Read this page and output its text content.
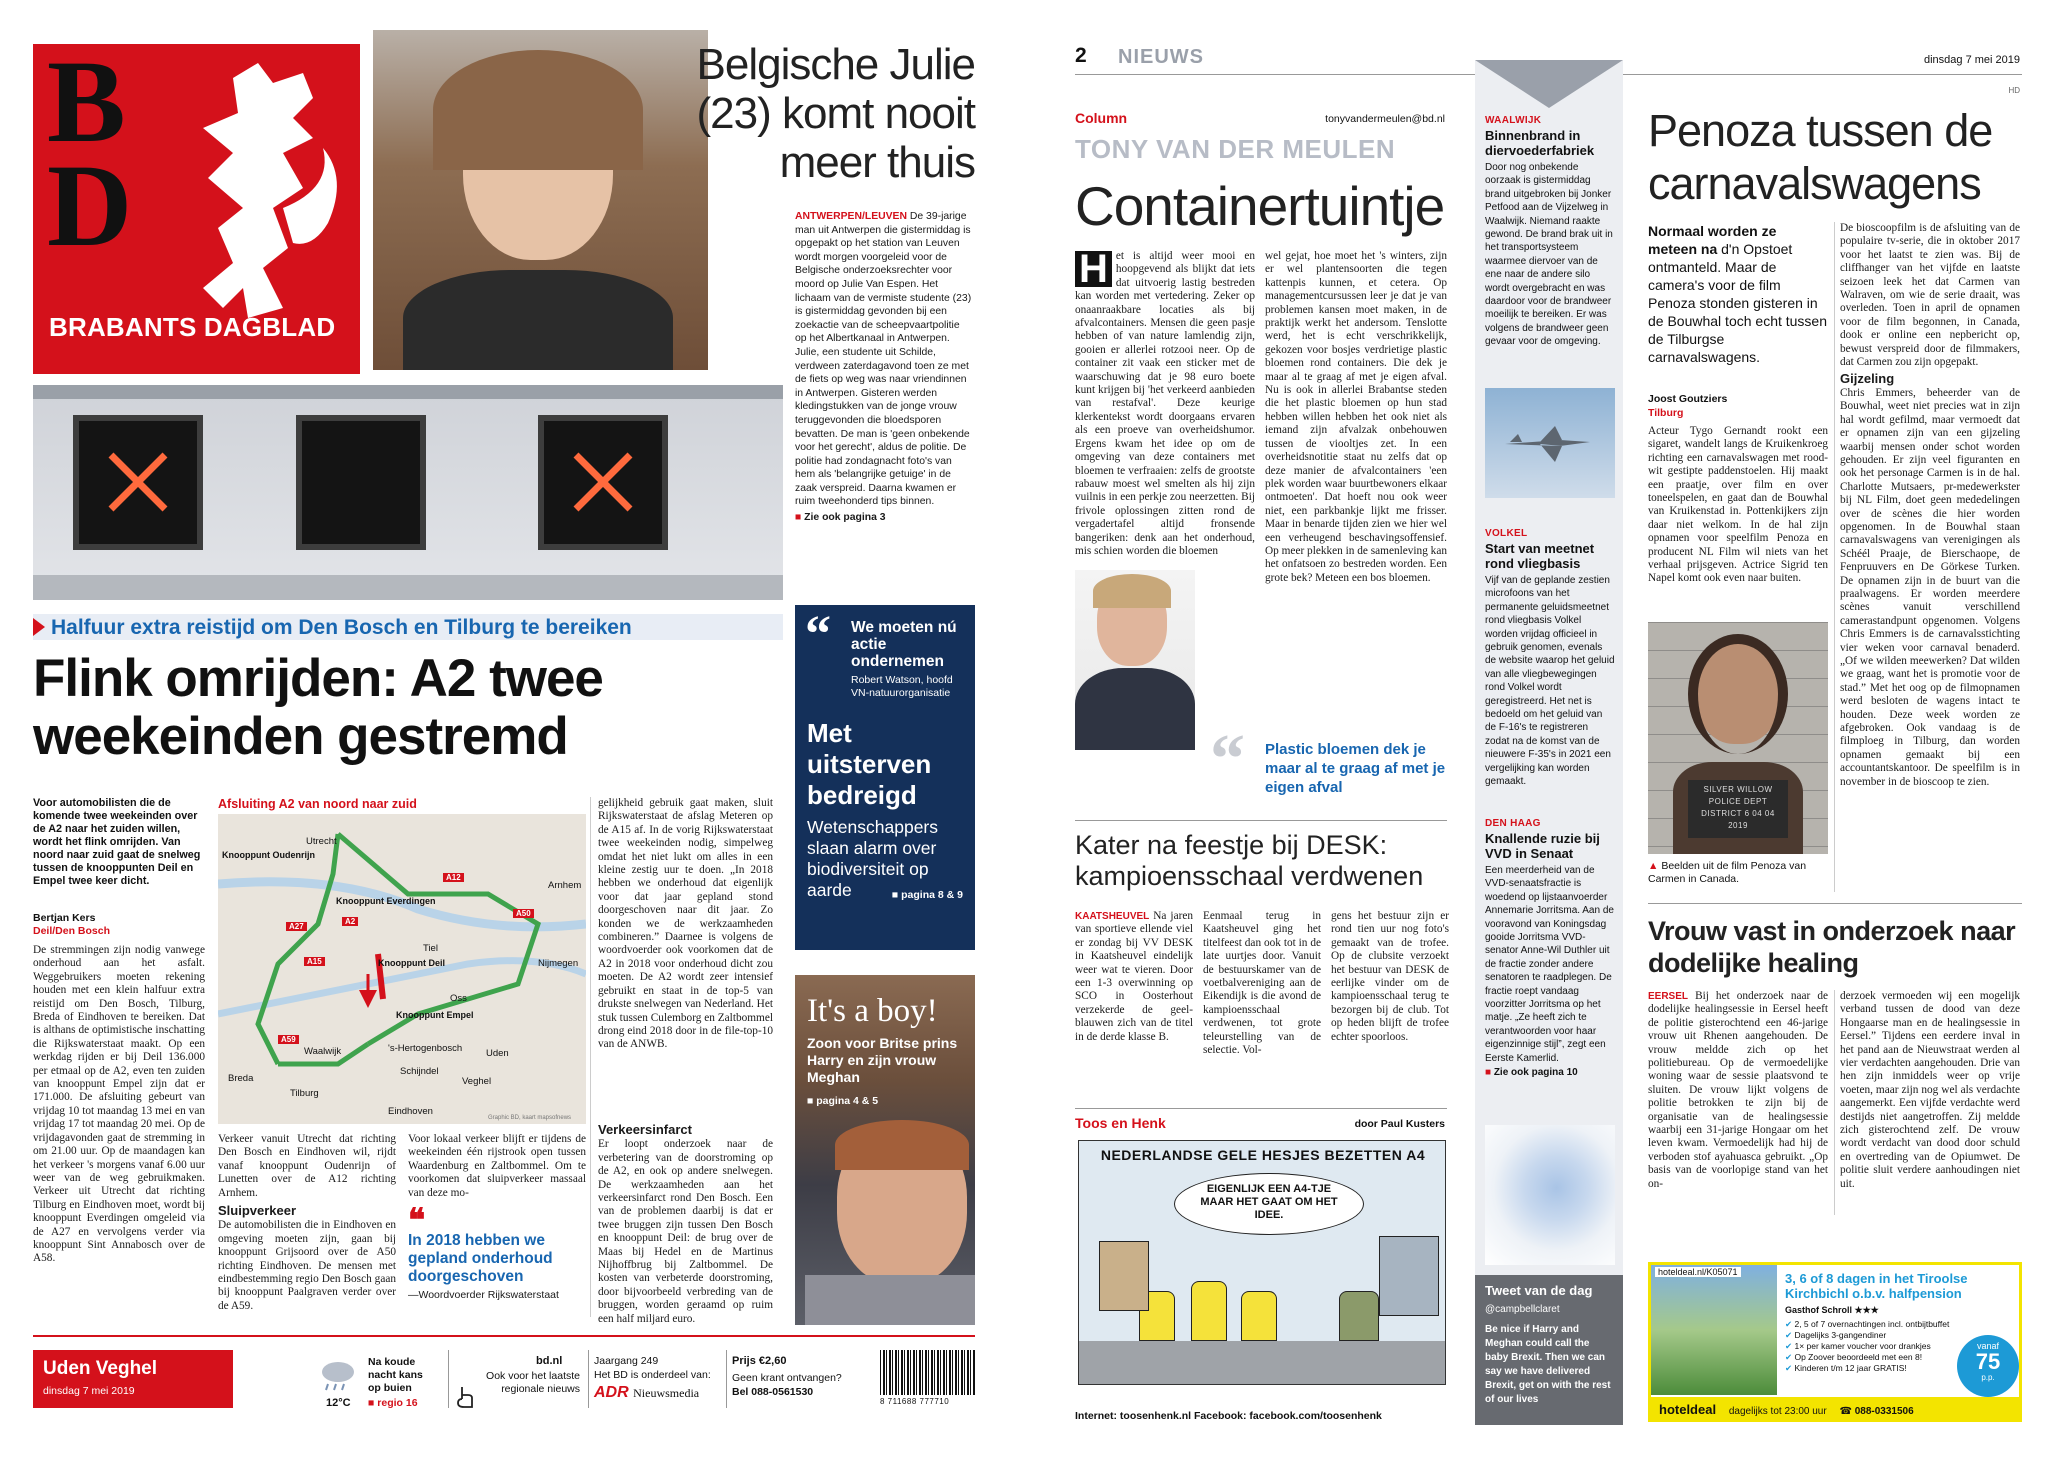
BD
BRABANTS DAGBLAD
Belgische Julie (23) komt nooit meer thuis
ANTWERPEN/LEUVEN De 39-jarige man uit Antwerpen die gistermiddag is opgepakt op het station van Leuven wordt morgen voorgeleid voor de Belgische onderzoeksrechter voor moord op Julie Van Espen. Het lichaam van de vermiste studente (23) is gistermiddag gevonden bij een zoekactie van de scheepvaartpolitie op het Albertkanaal in Antwerpen. Julie, een studente uit Schilde, verdween zaterdagavond toen ze met de fiets op weg was naar vriendinnen in Antwerpen. Gisteren werden kledingstukken van de jonge vrouw teruggevonden die bloedsporen bevatten. De man is 'geen onbekende voor het gerecht', aldus de politie. De politie had zondagnacht foto's van hem als 'belangrijke getuige' in de zaak verspreid. Daarna kwamen er ruim tweehonderd tips binnen.
■ Zie ook pagina 3
Halfuur extra reistijd om Den Bosch en Tilburg te bereiken
Flink omrijden: A2 twee weekeinden gestremd
Voor automobilisten die de komende twee weekeinden over de A2 naar het zuiden willen, wordt het flink omrijden. Van noord naar zuid gaat de snelweg tussen de knooppunten Deil en Empel twee keer dicht.
Bertjan Kers
Deil/Den Bosch
De stremmingen zijn nodig vanwege onderhoud aan het asfalt. Weggebruikers moeten rekening houden met een klein halfuur extra reistijd om Den Bosch, Tilburg, Breda of Eindhoven te bereiken. Dat is althans de optimistische inschatting die Rijkswaterstaat maakt. Op een werkdag rijden er bij Deil 136.000 per etmaal op de A2, even ten zuiden van knooppunt Empel zijn dat er 171.000. De afsluiting gebeurt van vrijdag 10 tot maandag 13 mei en van vrijdag 17 tot maandag 20 mei. Op de vrijdagavonden gaat de stremming in om 21.00 uur. Op de maandagen kan het verkeer 's morgens vanaf 6.00 uur weer van de weg gebruikmaken. Verkeer uit Utrecht dat richting Tilburg en Eindhoven moet, wordt bij knooppunt Everdingen omgeleid via de A27 en vervolgens verder via knooppunt Sint Annabosch over de A58.
Afsluiting A2 van noord naar zuid
Utrecht
Knooppunt Oudenrijn
Knooppunt Everdingen
Arnhem
Tiel
Knooppunt Deil	Nijmegen
Oss
Knooppunt Empel
Waalwijk	's-Hertogenbosch	Uden
Breda
Schijndel
Veghel
Tilburg
Eindhoven
A12
A2
A27
A15
A50
A59
Graphic BD, kaart mapsofnews
Verkeer vanuit Utrecht dat richting Den Bosch en Eindhoven wil, rijdt vanaf knooppunt Oudenrijn of Lunetten over de A12 richting Arnhem.
Sluipverkeer
De automobilisten die in Eindhoven en omgeving moeten zijn, gaan bij knooppunt Grijsoord over de A50 richting Eindhoven. De mensen met eindbestemming regio Den Bosch gaan bij knooppunt Paalgraven verder over de A59.
Voor lokaal verkeer blijft er tijdens de weekeinden één rijstrook open tussen Waardenburg en Zaltbommel. Om te voorkomen dat sluipverkeer massaal van deze mo-
❝
In 2018 hebben we gepland onderhoud doorgeschoven
—Woordvoerder Rijkswaterstaat
gelijkheid gebruik gaat maken, sluit Rijkswaterstaat de afslag Meteren op de A15 af. In de vorig Rijkswaterstaat twee weekeinden nodig, simpelweg omdat het niet lukt om alles in een kleine zestig uur te doen. „In 2018 hebben we onderhoud dat eigenlijk voor dat jaar gepland stond doorgeschoven naar dit jaar. Zo konden we de werkzaamheden combineren.” Daarnee is volgens de woordvoerder ook voorkomen dat de A2 in 2018 voor onderhoud dicht zou moeten. De A2 wordt zeer intensief gebruikt en staat in de top-5 van drukste snelwegen van Nederland. Het stuk tussen Culemborg en Zaltbommel drong eind 2018 door in de file-top-10 van de ANWB.
Verkeersinfarct
Er loopt onderzoek naar de verbetering van de doorstroming op de A2, en ook op andere snelwegen. De werkzaamheden aan het verkeersinfarct rond Den Bosch. Een van de problemen daarbij is dat er twee bruggen zijn tussen Den Bosch en knooppunt Deil: de brug over de Maas bij Hedel en de Martinus Nijhoffbrug bij Zaltbommel. De kosten van verbeterde doorstroming, door bijvoorbeeld verbreding van de bruggen, worden geraamd op ruim een half miljard euro.
“ We moeten nú actie ondernemen
Robert Watson, hoofd VN-natuurorganisatie
Met uitsterven bedreigd
Wetenschappers slaan alarm over biodiversiteit op aarde	■ pagina 8 & 9
It's a boy!
Zoon voor Britse prins Harry en zijn vrouw Meghan
■ pagina 4 & 5
Uden Veghel
dinsdag 7 mei 2019
12°C
Na koude nacht kans op buien
■ regio 16
bd.nl
Ook voor het laatste regionale nieuws
Jaargang 249
Het BD is onderdeel van:
ADR Nieuwsmedia
Prijs €2,60
Geen krant ontvangen?
Bel 088-0561530
8 711688 777710
2 NIEUWS	dinsdag 7 mei 2019
HD
Column	tonyvandermeulen@bd.nl
TONY VAN DER MEULEN
Containertuintje
H et is altijd weer mooi en hoopgevend als blijkt dat iets dat uitvoerig lastig bestreden kan worden met vertedering. Zeker op onaanraakbare locaties als bij afvalcontainers. Mensen die geen pasje hebben of van nature lamlendig zijn, gooien er allerlei rotzooi neer. Op de container zit vaak een sticker met de waarschuwing dat je 98 euro boete kunt krijgen bij 'het verkeerd aanbieden van restafval'. Deze keurige klerkentekst wordt doorgaans ervaren als een proeve van overheidshumor. Ergens kwam het idee op om de omgeving van deze containers met bloemen te verfraaien: zelfs de grootste rabauw moest wel smelten als hij zijn vuilnis in een perkje zou neerzetten. Bij frivole oplossingen zitten rond de vergadertafel altijd fronsende bangeriken: denk aan het onderhoud, mis schien worden die bloemen
wel gejat, hoe moet het 's winters, zijn er wel plantensoorten die tegen kattenpis kunnen, et cetera. Op managementcursussen leer je dat je van problemen kansen moet maken, in de praktijk werkt het andersom. Tenslotte werd, het is echt verschrikkelijk, gekozen voor bosjes verdrietige plastic bloemen rond containers. Die dek je maar al te graag af met je eigen afval. Nu is ook in allerlei Brabantse steden die het plastic bloemen op hun stad hebben willen hebben het ook niet als iemand zijn afvalzak onbehouwen tussen de viooltjes zet. In een overheidsnotitie staat nu zelfs dat op deze manier de afvalcontainers 'een plek worden waar buurtbewoners elkaar ontmoeten'. Dat hoeft nou ook weer niet, een parkbankje lijkt me frisser. Maar in benarde tijden zien we hier wel een verheugend beschavingsoffensief. Op meer plekken in de samenleving kan het onfatsoen zo bestreden worden. Een grote bek? Meteen een bos bloemen.
“ Plastic bloemen dek je maar al te graag af met je eigen afval
Kater na feestje bij DESK: kampioensschaal verdwenen
KAATSHEUVEL Na jaren van sportieve ellende viel er zondag bij VV DESK in Kaatsheuvel eindelijk weer wat te vieren. Door een 1-3 overwinning op SCO in Oosterhout verzekerde de geel-blauwen zich van de titel in de derde klasse B.
Eenmaal terug in Kaatsheuvel ging het titelfeest dan ook tot in de late uurtjes door. Vanuit de bestuurskamer van de voetbalvereniging aan de Eikendijk is die avond de kampioensschaal verdwenen, tot grote teleurstelling van de selectie. Vol-
gens het bestuur zijn er rond tien uur nog foto's gemaakt van de trofee. Op de clubsite verzoekt het bestuur van DESK de eerlijke vinder om de kampioensschaal terug te bezorgen bij de club. Tot op heden blijft de trofee echter spoorloos.
Toos en Henk	door Paul Kusters
NEDERLANDSE GELE HESJES BEZETTEN A4
EIGENLIJK EEN A4-TJE MAAR HET GAAT OM HET IDEE.
Internet: toosenhenk.nl Facebook: facebook.com/toosenhenk
WAALWIJK
Binnenbrand in diervoederfabriek
Door nog onbekende oorzaak is gistermiddag brand uitgebroken bij Jonker Petfood aan de Vijzelweg in Waalwijk. Niemand raakte gewond. De brand brak uit in het transportsysteem waarmee diervoer van de ene naar de andere silo wordt overgebracht en was daardoor voor de brandweer moeilijk te bereiken. Er was volgens de brandweer geen gevaar voor de omgeving.
VOLKEL
Start van meetnet rond vliegbasis
Vijf van de geplande zestien microfoons van het permanente geluidsmeetnet rond vliegbasis Volkel worden vrijdag officieel in gebruik genomen, evenals de website waarop het geluid van alle vliegbewegingen rond Volkel wordt geregistreerd. Het net is bedoeld om het geluid van de F-16's te registreren zodat na de komst van de nieuwere F-35's in 2021 een vergelijking kan worden gemaakt.
DEN HAAG
Knallende ruzie bij VVD in Senaat
Een meerderheid van de VVD-senaatsfractie is woedend op lijstaanvoerder Annemarie Jorritsma. Aan de vooravond van Koningsdag gooide Jorritsma VVD-senator Anne-Wil Duthler uit de fractie zonder andere senatoren te raadplegen. De fractie roept vandaag voorzitter Jorritsma op het matje. „Ze heeft zich te verantwoorden voor haar eigenzinnige stijl”, zegt een Eerste Kamerlid.
■ Zie ook pagina 10
Tweet van de dag
@campbellclaret
Be nice if Harry and Meghan could call the baby Brexit. Then we can say we have delivered Brexit, get on with the rest of our lives
Penoza tussen de carnavalswagens
Normaal worden ze meteen na d'n Opstoet ontmanteld. Maar de camera's voor de film Penoza stonden gisteren in de Bouwhal toch echt tussen de Tilburgse carnavalswagens.
Joost Goutziers
Tilburg
Acteur Tygo Gernandt rookt een sigaret, wandelt langs de Kruikenkroeg richting een carnavalswagen met rood-wit gestipte paddenstoelen. Hij maakt een praatje, over film en over toneelspelen, en gaat dan de Bouwhal van Kruikenstad in. Pottenkijkers zijn daar niet welkom. In de hal zijn opnamen voor speelfilm Penoza en producent NL Film wil niets van het verhaal prijsgeven. Actrice Sigrid ten Napel komt ook even naar buiten.
SILVER WILLOW POLICE DEPT DISTRICT 6 04 04 2019
▲ Beelden uit de film Penoza van Carmen in Canada.
De bioscoopfilm is de afsluiting van de populaire tv-serie, die in oktober 2017 voor het laatst te zien was. Bij de cliffhanger van het vijfde en laatste seizoen leek het dat Carmen van Walraven, om wie de serie draait, was overleden. Toen in april de opnamen voor de film begonnen, in Canada, dook er online een nepbericht op, bewust verspreid door de filmmakers, dat Carmen zou zijn opgepakt.
Gijzeling
Chris Emmers, beheerder van de Bouwhal, weet niet precies wat in zijn hal wordt gefilmd, maar vermoedt dat er opnamen zijn van een gijzeling waarbij mensen onder schot worden gehouden. Er zijn veel figuranten en ook het personage Carmen is in de hal. Charlotte Mutsaers, pr-medewerkster bij NL Film, doet geen mededelingen over de scènes die hier worden opgenomen. In de Bouwhal staan carnavalswagens van verenigingen als Schéél Praaje, de Bierschaope, de Fenpruuvers en De Görkese Turken. De opnamen zijn in de buurt van die praalwagens. Er worden meerdere scènes vanuit verschillend camerastandpunt opgenomen. Volgens Chris Emmers is de carnavalsstichting vier weken voor carnaval benaderd. „Of we wilden meewerken? Dat wilden we graag, want het is promotie voor de stad.” Met het oog op de filmopnamen werd besloten de wagens intact te houden. Deze week worden ze afgebroken. Ook vandaag is de filmploeg in Tilburg, dan worden opnamen gemaakt bij een accountantskantoor. De speelfilm is in november in de bioscoop te zien.
Vrouw vast in onderzoek naar dodelijke healing
EERSEL Bij het onderzoek naar de dodelijke healingsessie in Eersel heeft de politie gisterochtend een 46-jarige vrouw uit Rhenen aangehouden. De vrouw meldde zich op het politiebureau. Op de vermoedelijke woning waar de sessie plaatsvond te sluiten. De vrouw lijkt volgens de politie betrokken te zijn bij de organisatie van de healingsessie waarbij een 31-jarige Hongaar om het leven kwam. Vermoedelijk had hij de verboden stof ayahuasca gebruikt. „Op basis van de voorlopige stand van het on-
derzoek vermoeden wij een mogelijk verband tussen de dood van deze Hongaarse man en de healingsessie in Eersel.” Tijdens een eerdere inval in het pand aan de Nieuwstraat werden al vier verdachten aangehouden. Drie van hen zijn inmiddels weer op vrije voeten, maar zijn nog wel als verdachte aangemerkt. Een vijfde verdachte werd destijds niet aangetroffen. Zij meldde zich gisterochtend zelf. De vrouw wordt verdacht van dood door schuld en overtreding van de Opiumwet. De politie sluit verdere aanhoudingen niet uit.
hoteldeal.nl/K05071	3, 6 of 8 dagen in het Tiroolse Kirchbichl o.b.v. halfpension
Gasthof Schroll ★★★
✔ 2, 5 of 7 overnachtingen incl. ontbijtbuffet
✔ Dagelijks 3-gangendiner
✔ 1× per kamer voucher voor drankjes
✔ Op Zoover beoordeeld met een 8!
✔ Kinderen t/m 12 jaar GRATIS!
vanaf
75
p.p.
hoteldeal dagelijks tot 23:00 uur ☎ 088-0331506
